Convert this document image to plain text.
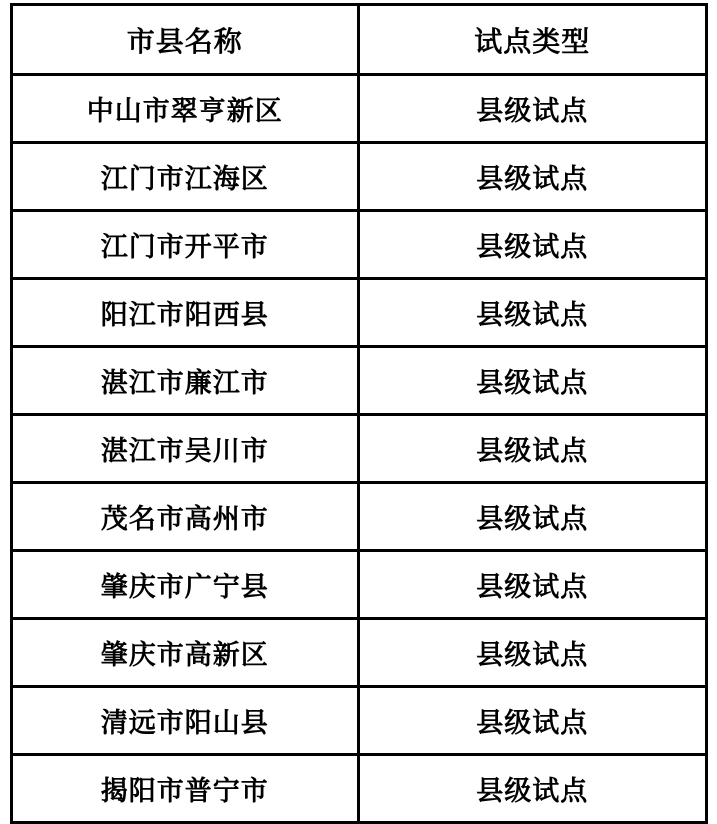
市县名称	试点类型
中山市翠亨新区	县级试点
江门市江海区	县级试点
江门市开平市	县级试点
阳江市阳西县	县级试点
湛江市廉江市	县级试点
湛江市吴川市	县级试点
茂名市高州市	县级试点
肇庆市广宁县	县级试点
肇庆市高新区	县级试点
清远市阳山县	县级试点
揭阳市普宁市	县级试点
